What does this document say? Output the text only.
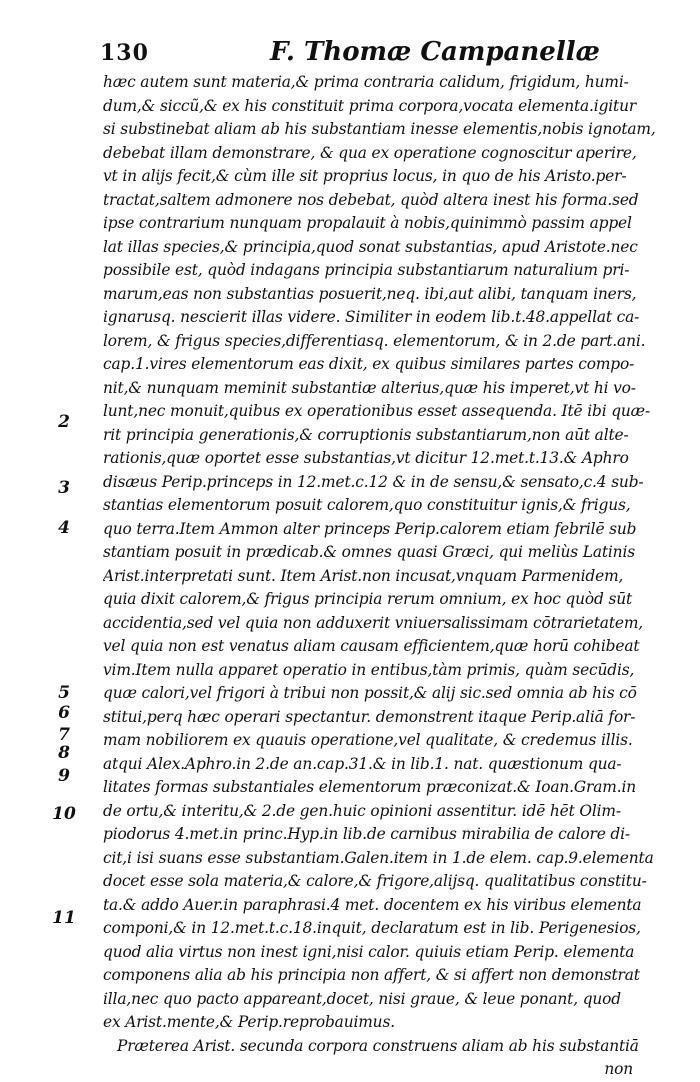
130	F. Thomæ Campanellæ
2
3
4
5
6
7
8
9
10
11
hæc autem sunt materia,& prima contraria calidum, frigidum, humi-
dum,& siccũ,& ex his constituit prima corpora,vocata elementa.igitur
si substinebat aliam ab his substantiam inesse elementis,nobis ignotam,
debebat illam demonstrare, & qua ex operatione cognoscitur aperire,
vt in alijs fecit,& cùm ille sit proprius locus, in quo de his Aristo.per-
tractat,saltem admonere nos debebat, quòd altera inest his forma.sed
ipse contrarium nunquam propalauit à nobis,quinimmò passim appel
lat illas species,& principia,quod sonat substantias, apud Aristote.nec
possibile est, quòd indagans principia substantiarum naturalium pri-
marum,eas non substantias posuerit,neq. ibi,aut alibi, tanquam iners,
ignarusq. nescierit illas videre. Similiter in eodem lib.t.48.appellat ca-
lorem, & frigus species,differentiasq. elementorum, & in 2.de part.ani.
cap.1.vires elementorum eas dixit, ex quibus similares partes compo-
nit,& nunquam meminit substantiæ alterius,quæ his imperet,vt hi vo-
lunt,nec monuit,quibus ex operationibus esset assequenda. Itē ibi quæ-
rit principia generationis,& corruptionis substantiarum,non aūt alte-
rationis,quæ oportet esse substantias,vt dicitur 12.met.t.13.& Aphro
disæus Perip.princeps in 12.met.c.12 & in de sensu,& sensato,c.4 sub-
stantias elementorum posuit calorem,quo constituitur ignis,& frigus,
quo terra.Item Ammon alter princeps Perip.calorem etiam febrilē sub
stantiam posuit in prædicab.& omnes quasi Græci, qui meliùs Latinis
Arist.interpretati sunt. Item Arist.non incusat,vnquam Parmenidem,
quia dixit calorem,& frigus principia rerum omnium, ex hoc quòd sūt
accidentia,sed vel quia non adduxerit vniuersalissimam cōtrarietatem,
vel quia non est venatus aliam causam efficientem,quæ horū cohibeat
vim.Item nulla apparet operatio in entibus,tàm primis, quàm secūdis,
quæ calori,vel frigori à tribui non possit,& alij sic.sed omnia ab his cō
stitui,perq hæc operari spectantur. demonstrent itaque Perip.aliā for-
mam nobiliorem ex quauis operatione,vel qualitate, & credemus illis.
atqui Alex.Aphro.in 2.de an.cap.31.& in lib.1. nat. quæstionum qua-
litates formas substantiales elementorum præconizat.& Ioan.Gram.in
de ortu,& interitu,& 2.de gen.huic opinioni assentitur. idē hēt Olim-
piodorus 4.met.in princ.Hyp.in lib.de carnibus mirabilia de calore di-
cit,i isi suans esse substantiam.Galen.item in 1.de elem. cap.9.elementa
docet esse sola materia,& calore,& frigore,alijsq. qualitatibus constitu-
ta.& addo Auer.in paraphrasi.4 met. docentem ex his viribus elementa
componi,& in 12.met.t.c.18.inquit, declaratum est in lib. Perigenesios,
quod alia virtus non inest igni,nisi calor. quiuis etiam Perip. elementa
componens alia ab his principia non affert, & si affert non demonstrat
illa,nec quo pacto appareant,docet, nisi graue, & leue ponant, quod
ex Arist.mente,& Perip.reprobauimus.
Præterea Arist. secunda corpora construens aliam ab his substantiā
non
